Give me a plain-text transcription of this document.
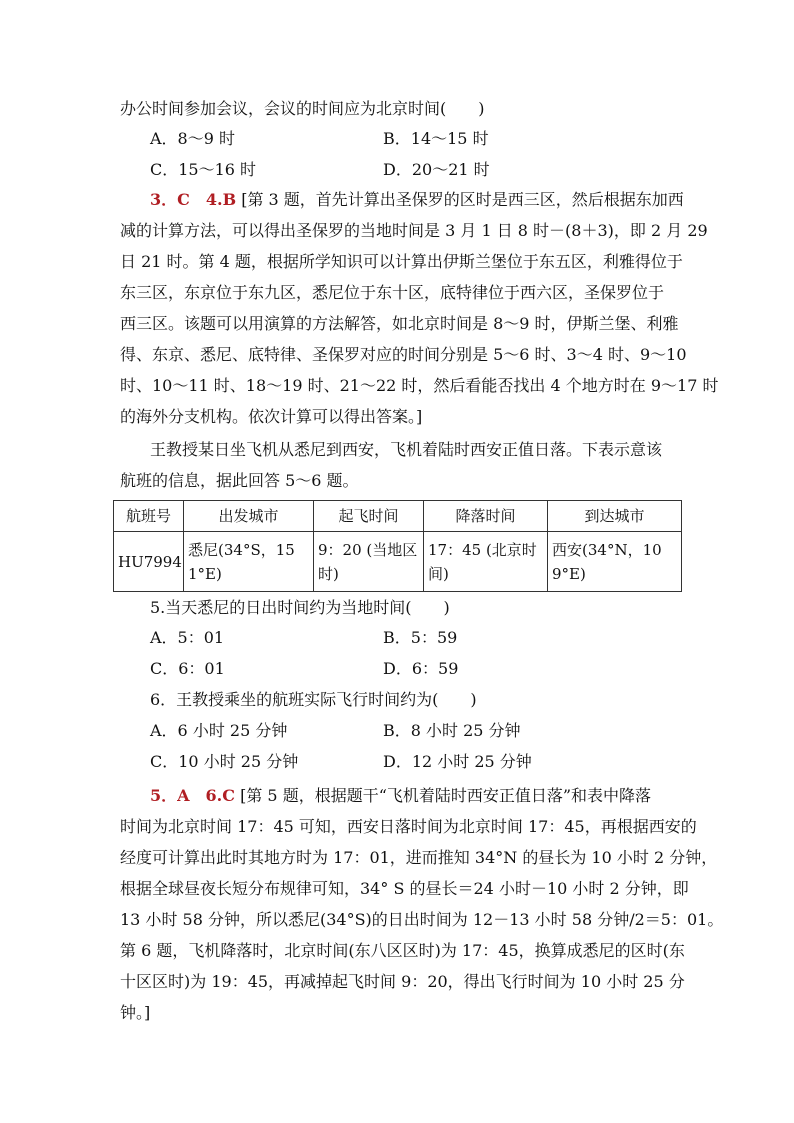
办公时间参加会议，会议的时间应为北京时间(　　)
A．8～9 时	B．14～15 时
C．15～16 时	D．20～21 时
3．C　4.B [第 3 题，首先计算出圣保罗的区时是西三区，然后根据东加西
减的计算方法，可以得出圣保罗的当地时间是 3 月 1 日 8 时－(8＋3)，即 2 月 29
日 21 时。第 4 题，根据所学知识可以计算出伊斯兰堡位于东五区，利雅得位于
东三区，东京位于东九区，悉尼位于东十区，底特律位于西六区，圣保罗位于
西三区。该题可以用演算的方法解答，如北京时间是 8～9 时，伊斯兰堡、利雅
得、东京、悉尼、底特律、圣保罗对应的时间分别是 5～6 时、3～4 时、9～10
时、10～11 时、18～19 时、21～22 时，然后看能否找出 4 个地方时在 9～17 时
的海外分支机构。依次计算可以得出答案。]
王教授某日坐飞机从悉尼到西安，飞机着陆时西安正值日落。下表示意该
航班的信息，据此回答 5～6 题。
航班号	出发城市	起飞时间	降落时间	到达城市
HU7994	悉尼(34°S，151°E)	9：20 (当地区时)	17：45 (北京时间)	西安(34°N，109°E)
5.当天悉尼的日出时间约为当地时间(　　)
A．5：01	B．5：59
C．6：01	D．6：59
6．王教授乘坐的航班实际飞行时间约为(　　)
A．6 小时 25 分钟	B．8 小时 25 分钟
C．10 小时 25 分钟	D．12 小时 25 分钟
5．A　6.C [第 5 题，根据题干“飞机着陆时西安正值日落”和表中降落
时间为北京时间 17：45 可知，西安日落时间为北京时间 17：45，再根据西安的
经度可计算出此时其地方时为 17：01，进而推知 34°N 的昼长为 10 小时 2 分钟，
根据全球昼夜长短分布规律可知，34° S 的昼长＝24 小时－10 小时 2 分钟，即
13 小时 58 分钟，所以悉尼(34°S)的日出时间为 12－13 小时 58 分钟/2＝5：01。
第 6 题，飞机降落时，北京时间(东八区区时)为 17：45，换算成悉尼的区时(东
十区区时)为 19：45，再减掉起飞时间 9：20，得出飞行时间为 10 小时 25 分
钟。]
